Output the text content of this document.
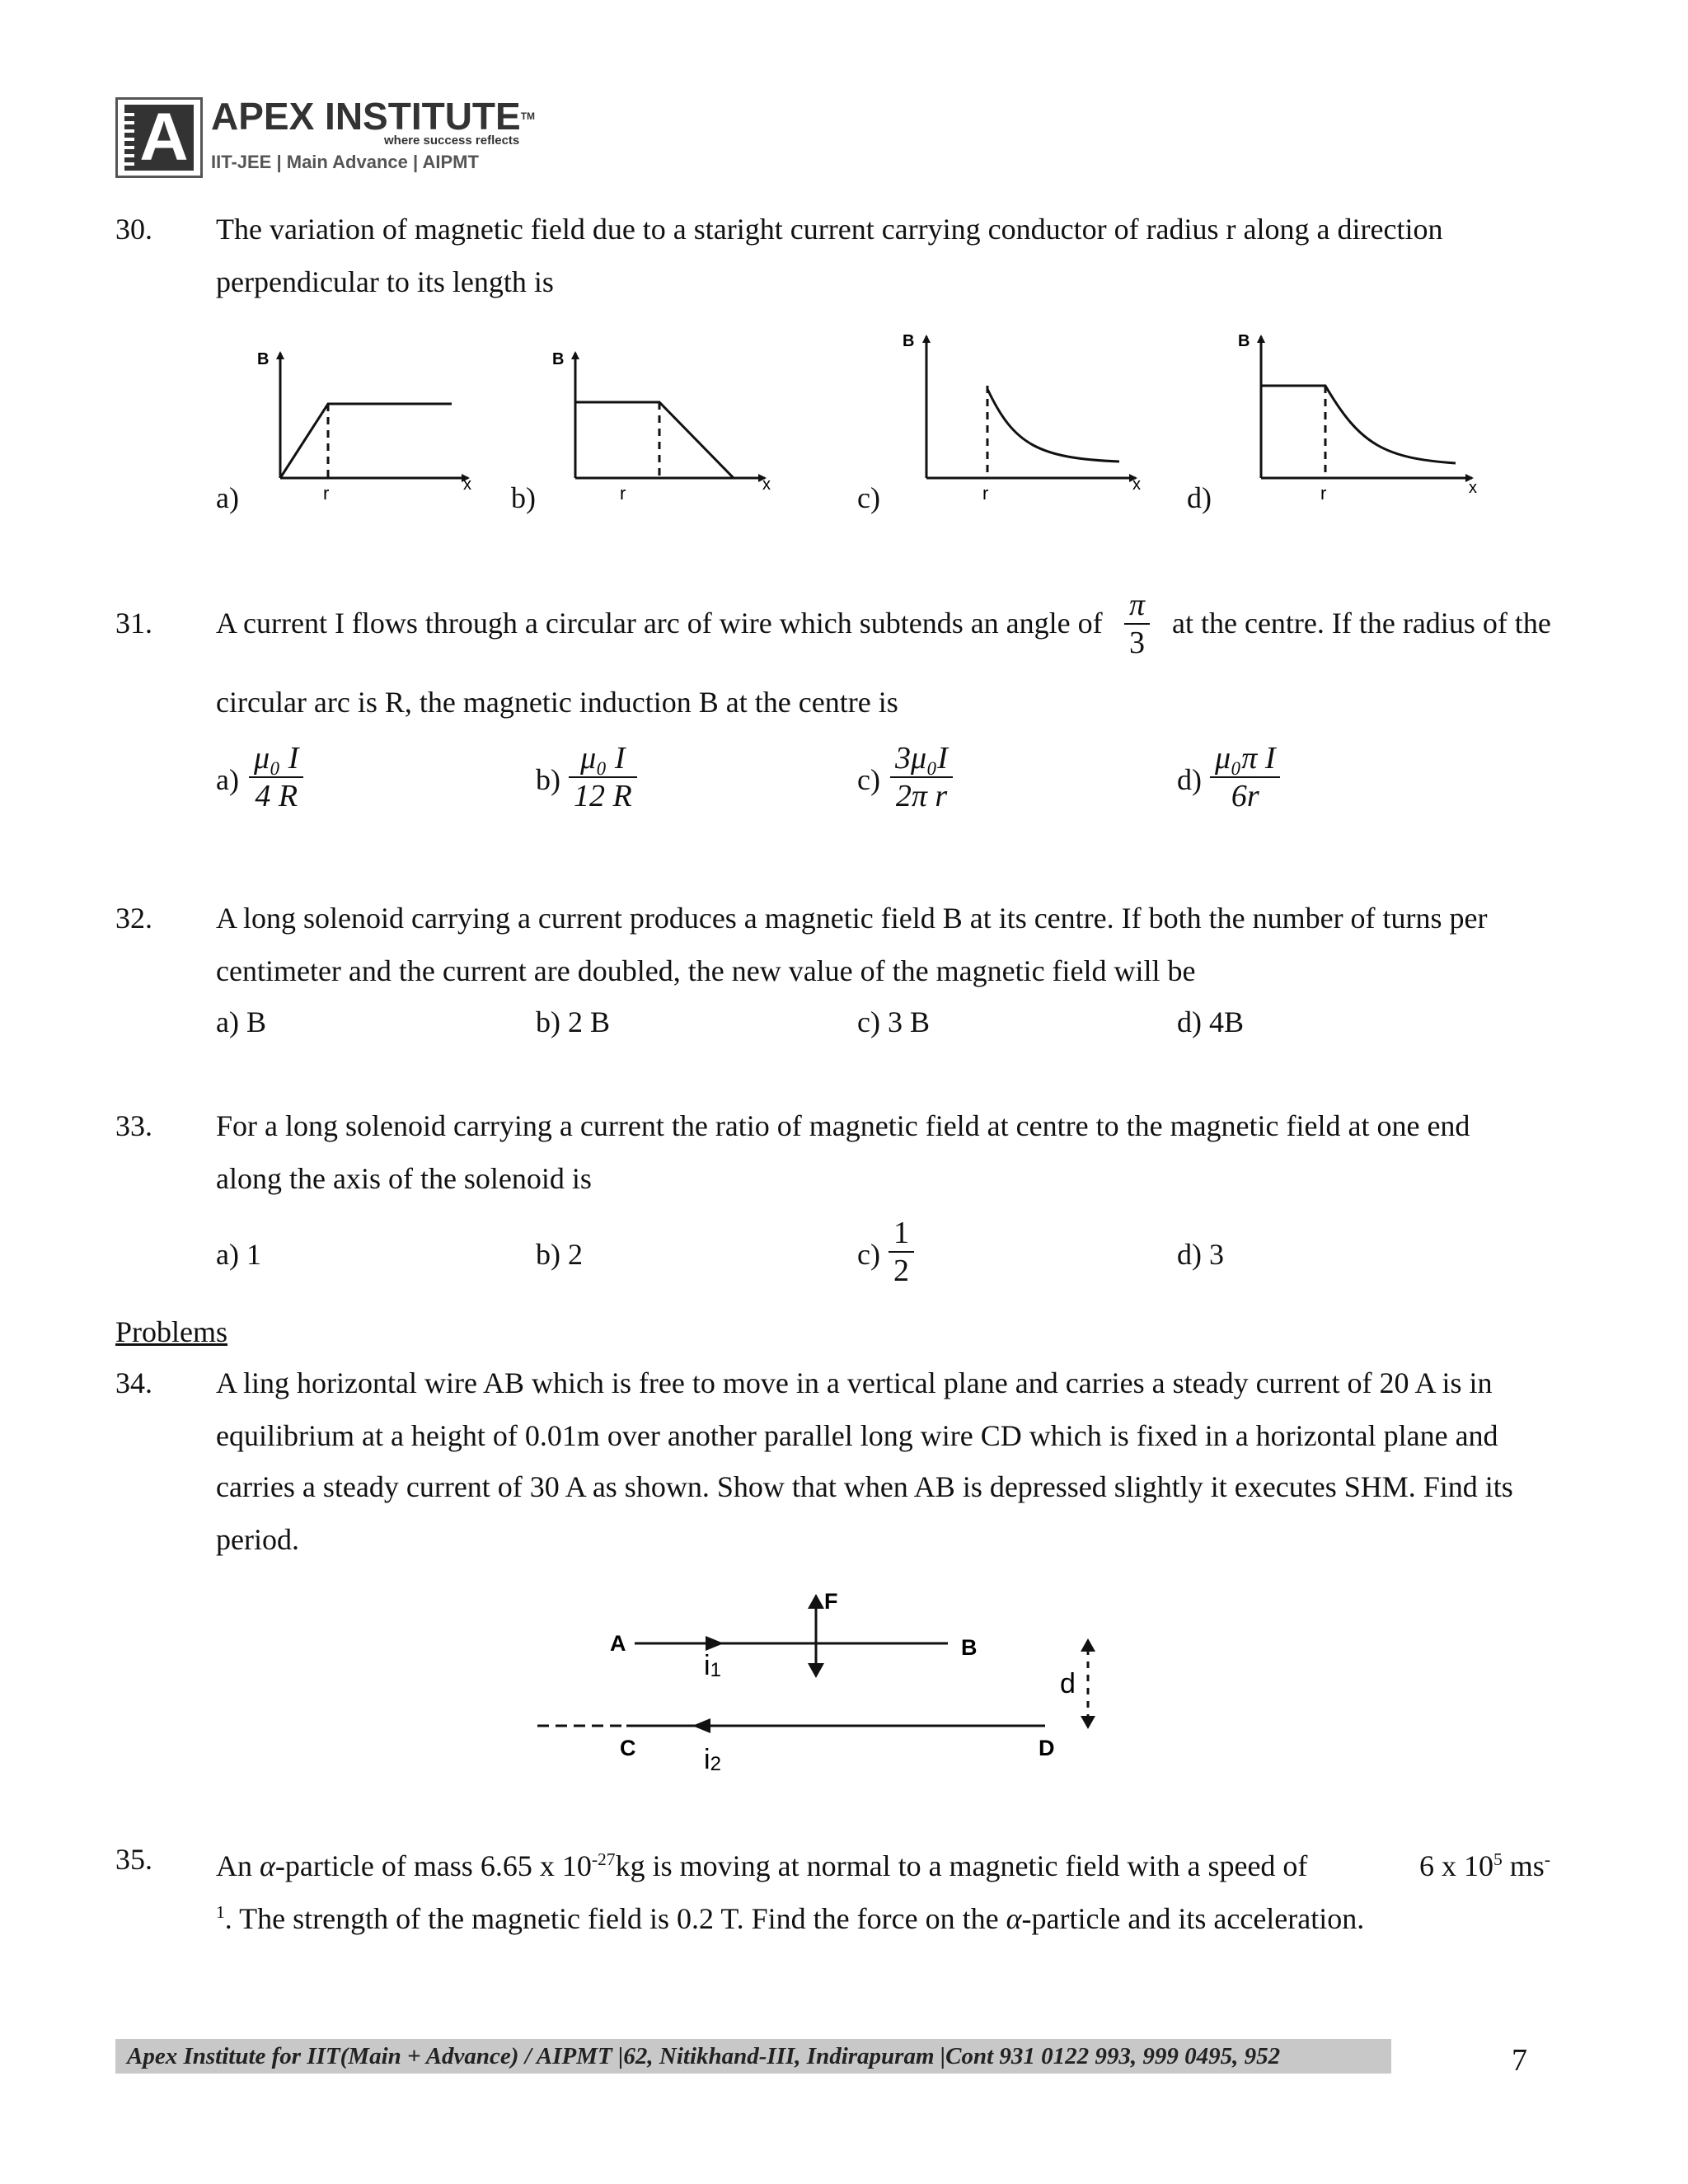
A APEX INSTITUTE™
where success reflects
IIT-JEE | Main Advance | AIPMT
30. The variation of magnetic field due to a staright current carrying conductor of radius r along a direction
perpendicular to its length is
a)	b)	c)	d)
B
x
r
B
x
r
B
x
r
B
x
r
A	B
C	D
F
d
i1
i2
31. A current I flows through a circular arc of wire which subtends an angle of $\frac{\pi}{3}$ at the centre. If the radius of the
circular arc is R, the magnetic induction B at the centre is
$a) \frac{\text{μ₀ I}}{4 R}$	$b) \frac{\text{μ₀ I}}{12 R}$	$c) \frac{\text{3μ₀I}}{\text{2π r}}$	$d) \frac{\text{μ₀π I}}{6r}$
32. A long solenoid carrying a current produces a magnetic field B at its centre. If both the number of turns per
centimeter and the current are doubled, the new value of the magnetic field will be
a) B	b) 2 B	c) 3 B	d) 4B
33. For a long solenoid carrying a current the ratio of magnetic field at centre to the magnetic field at one end
along the axis of the solenoid is
a) 1	b) 2	$c) \frac{1}{2}$	d) 3
Problems
34. A ling horizontal wire AB which is free to move in a vertical plane and carries a steady current of 20 A is in
equilibrium at a height of 0.01m over another parallel long wire CD which is fixed in a horizontal plane and
carries a steady current of 30 A as shown. Show that when AB is depressed slightly it executes SHM. Find its
period.
35. An α-particle of mass 6.65 x $10^{-27}kg$ is moving at normal to a magnetic field with a speed of	6 x $10^5$ ms-
$^1$. The strength of the magnetic field is 0.2 T. Find the force on the α-particle and its acceleration.
Apex Institute for IIT(Main + Advance) / AIPMT |62, Nitikhand-III, Indirapuram |Cont 931 0122 993, 999 0495, 952	7
